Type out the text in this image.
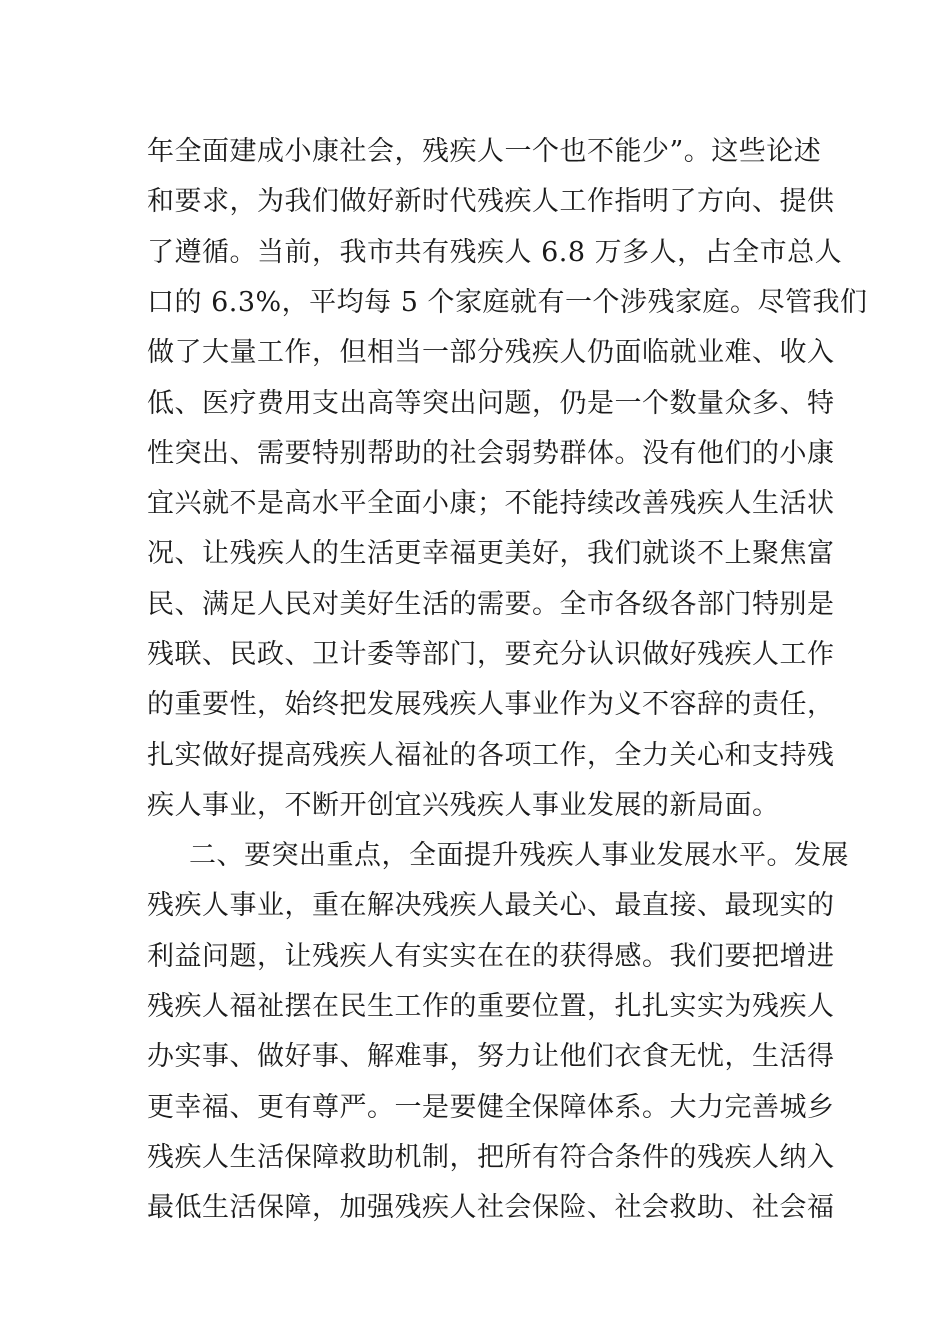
年全面建成小康社会，残疾人一个也不能少”。这些论述
和要求，为我们做好新时代残疾人工作指明了方向、提供
了遵循。当前，我市共有残疾人 6.8 万多人，占全市总人
口的 6.3%，平均每 5 个家庭就有一个涉残家庭。尽管我们
做了大量工作，但相当一部分残疾人仍面临就业难、收入
低、医疗费用支出高等突出问题，仍是一个数量众多、特
性突出、需要特别帮助的社会弱势群体。没有他们的小康
宜兴就不是高水平全面小康；不能持续改善残疾人生活状
况、让残疾人的生活更幸福更美好，我们就谈不上聚焦富
民、满足人民对美好生活的需要。全市各级各部门特别是
残联、民政、卫计委等部门，要充分认识做好残疾人工作
的重要性，始终把发展残疾人事业作为义不容辞的责任，
扎实做好提高残疾人福祉的各项工作，全力关心和支持残
疾人事业，不断开创宜兴残疾人事业发展的新局面。
二、要突出重点，全面提升残疾人事业发展水平。发展
残疾人事业，重在解决残疾人最关心、最直接、最现实的
利益问题，让残疾人有实实在在的获得感。我们要把增进
残疾人福祉摆在民生工作的重要位置，扎扎实实为残疾人
办实事、做好事、解难事，努力让他们衣食无忧，生活得
更幸福、更有尊严。一是要健全保障体系。大力完善城乡
残疾人生活保障救助机制，把所有符合条件的残疾人纳入
最低生活保障，加强残疾人社会保险、社会救助、社会福
